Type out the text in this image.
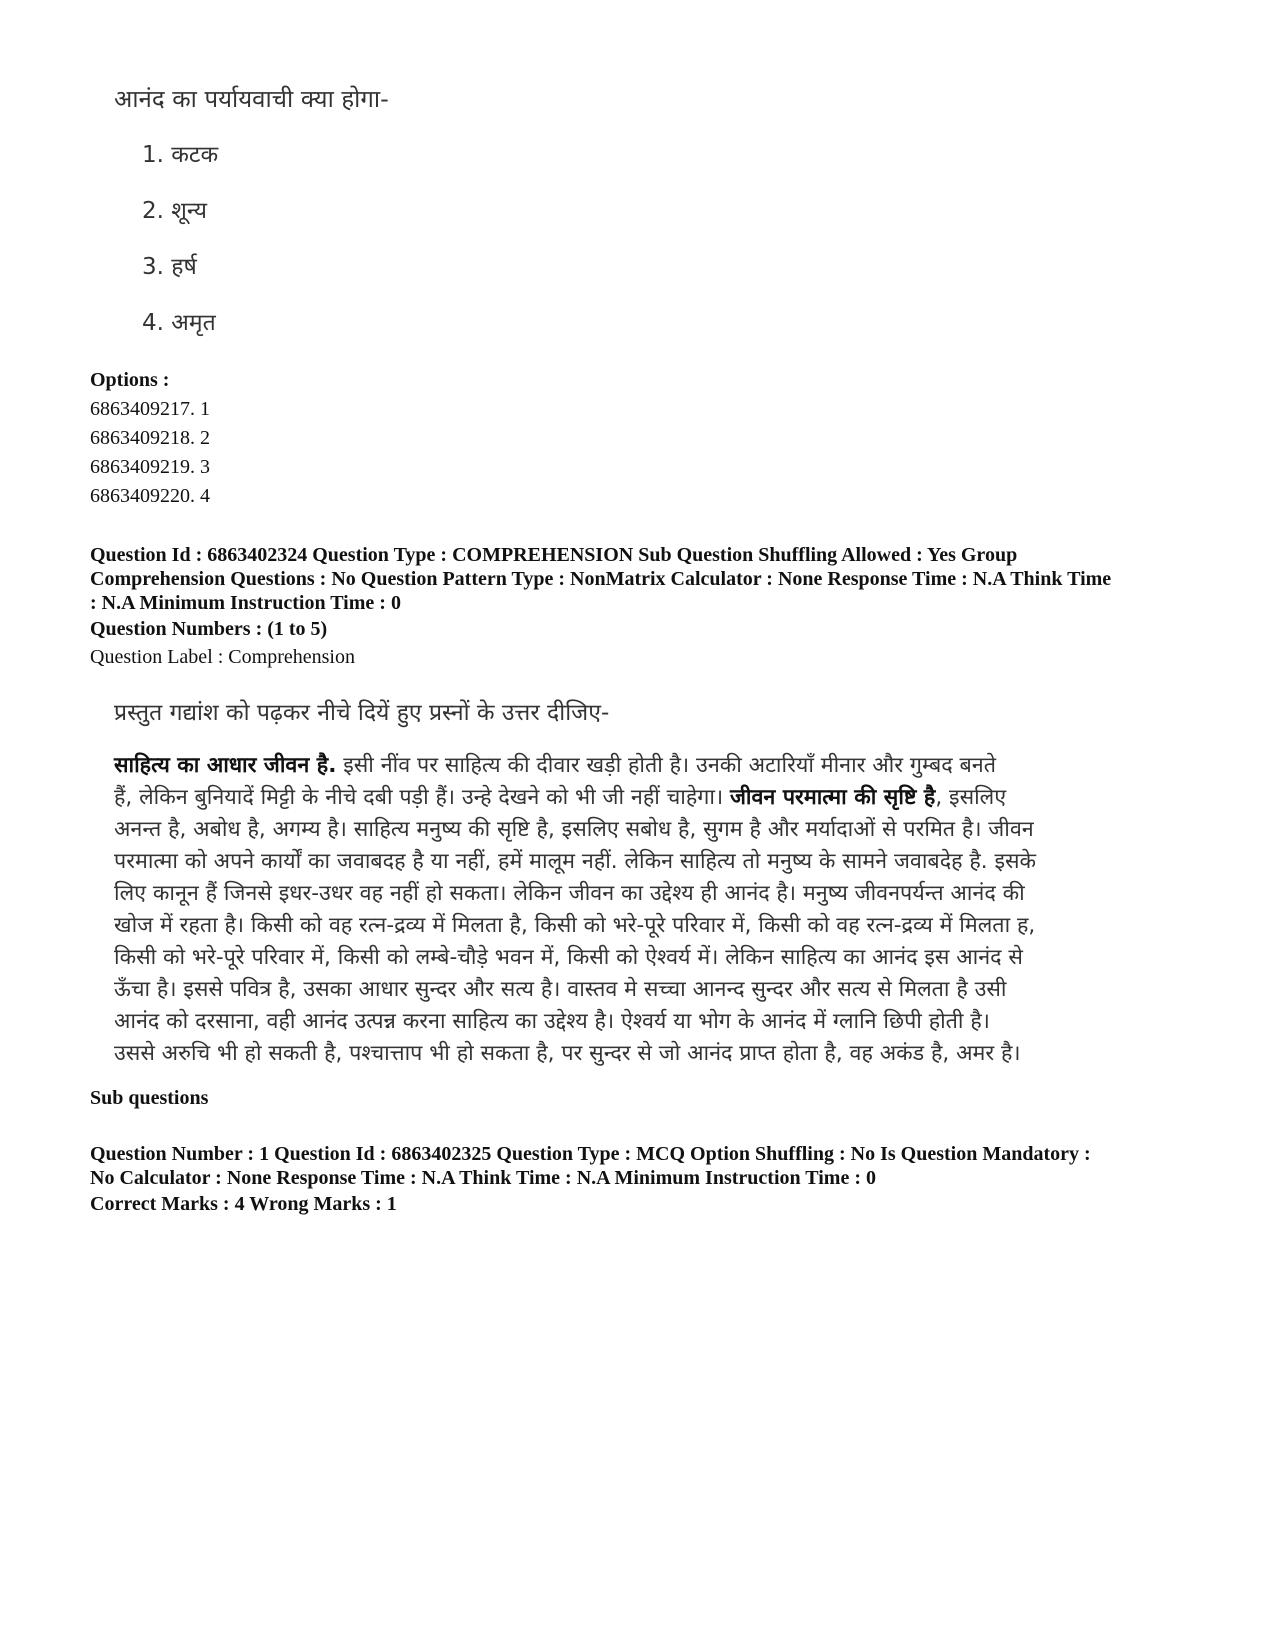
आनंद का पर्यायवाची क्या होगा-
1. कटक
2. शून्य
3. हर्ष
4. अमृत
Options :
6863409217. 1
6863409218. 2
6863409219. 3
6863409220. 4
Question Id : 6863402324 Question Type : COMPREHENSION Sub Question Shuffling Allowed : Yes Group
Comprehension Questions : No Question Pattern Type : NonMatrix Calculator : None Response Time : N.A Think Time
: N.A Minimum Instruction Time : 0
Question Numbers : (1 to 5)
Question Label : Comprehension
प्रस्तुत गद्यांश को पढ़कर नीचे दियें हुए प्रस्नों के उत्तर दीजिए-
साहित्य का आधार जीवन है. इसी नींव पर साहित्य की दीवार खड़ी होती है। उनकी अटारियाँ मीनार और गुम्बद बनते
हैं, लेकिन बुनियादें मिट्टी के नीचे दबी पड़ी हैं। उन्हे देखने को भी जी नहीं चाहेगा। जीवन परमात्मा की सृष्टि है, इसलिए
अनन्त है, अबोध है, अगम्य है। साहित्य मनुष्य की सृष्टि है, इसलिए सबोध है, सुगम है और मर्यादाओं से परमित है। जीवन
परमात्मा को अपने कार्यों का जवाबदह है या नहीं, हमें मालूम नहीं. लेकिन साहित्य तो मनुष्य के सामने जवाबदेह है. इसके
लिए कानून हैं जिनसे इधर-उधर वह नहीं हो सकता। लेकिन जीवन का उद्देश्य ही आनंद है। मनुष्य जीवनपर्यन्त आनंद की
खोज में रहता है। किसी को वह रत्न-द्रव्य में मिलता है, किसी को भरे-पूरे परिवार में, किसी को वह रत्न-द्रव्य में मिलता ह,
किसी को भरे-पूरे परिवार में, किसी को लम्बे-चौड़े भवन में, किसी को ऐश्वर्य में। लेकिन साहित्य का आनंद इस आनंद से
ऊँचा है। इससे पवित्र है, उसका आधार सुन्दर और सत्य है। वास्तव मे सच्चा आनन्द सुन्दर और सत्य से मिलता है उसी
आनंद को दरसाना, वही आनंद उत्पन्न करना साहित्य का उद्देश्य है। ऐश्वर्य या भोग के आनंद में ग्लानि छिपी होती है।
उससे अरुचि भी हो सकती है, पश्चात्ताप भी हो सकता है, पर सुन्दर से जो आनंद प्राप्त होता है, वह अकंड है, अमर है।
Sub questions
Question Number : 1 Question Id : 6863402325 Question Type : MCQ Option Shuffling : No Is Question Mandatory :
No Calculator : None Response Time : N.A Think Time : N.A Minimum Instruction Time : 0
Correct Marks : 4 Wrong Marks : 1
